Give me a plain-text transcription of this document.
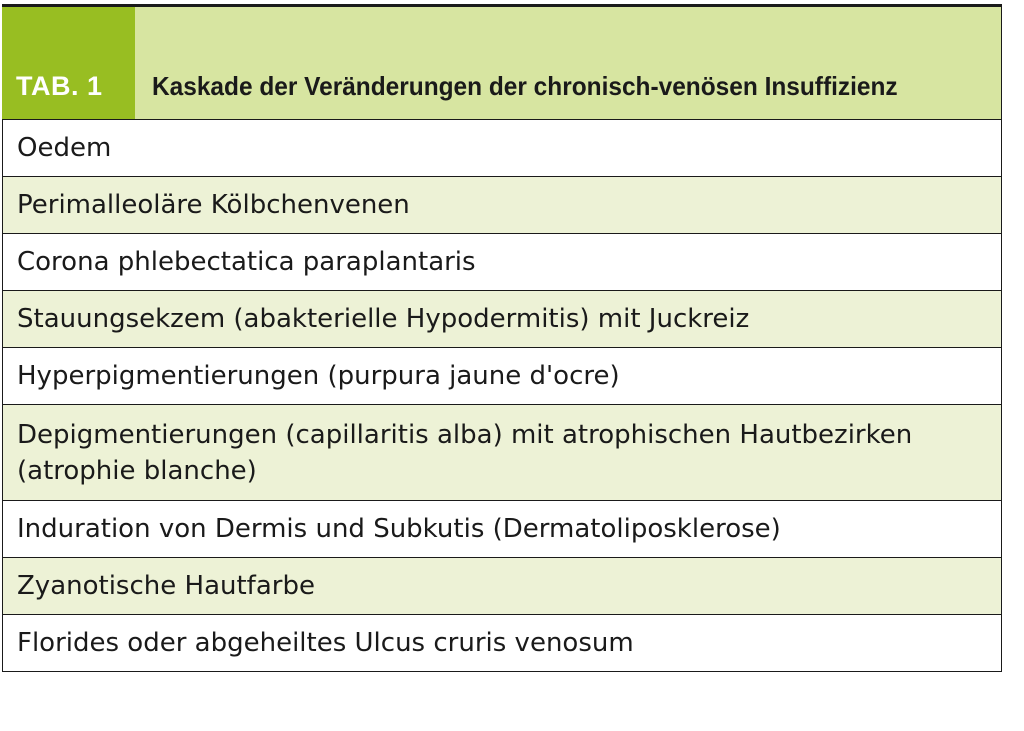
TAB. 1	Kaskade der Veränderungen der chronisch-venösen Insuffizienz
Oedem
Perimalleoläre Kölbchenvenen
Corona phlebectatica paraplantaris
Stauungsekzem (abakterielle Hypodermitis) mit Juckreiz
Hyperpigmentierungen (purpura jaune d'ocre)
Depigmentierungen (capillaritis alba) mit atrophischen Hautbezirken (atrophie blanche)
Induration von Dermis und Subkutis (Dermatoliposklerose)
Zyanotische Hautfarbe
Florides oder abgeheiltes Ulcus cruris venosum
